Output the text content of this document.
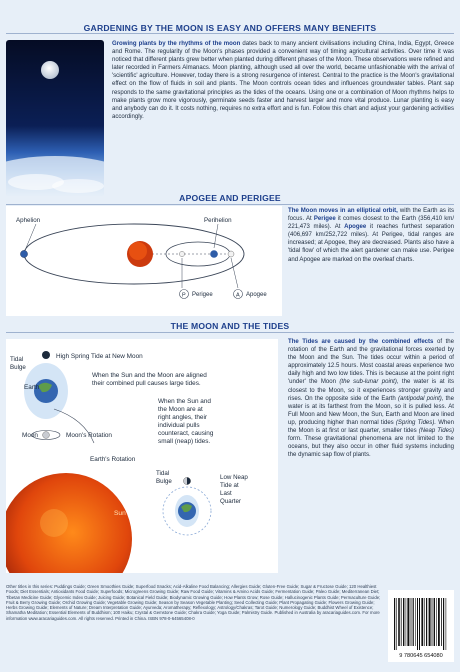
GARDENING BY THE MOON IS EASY AND OFFERS MANY BENEFITS
Growing plants by the rhythms of the moon dates back to many ancient civilisations including China, India, Egypt, Greece and Rome. The regularity of the Moon's phases provided a convenient way of timing agricultural activities. Over time it was noticed that different plants grew better when planted during different phases of the Moon. These observations were refined and later recorded in Farmers Almanacs. Moon planting, although used all over the world, became unfashionable with the arrival of 'scientific' agriculture. However, today there is a strong resurgence of interest. Central to the practice is the Moon's gravitational effect on the flow of fluids in soil and plants. The Moon controls ocean tides and influences groundwater tables. Plant sap responds to the same gravitational principles as the tides of the oceans. Using one or a combination of Moon rhythms helps to make plants grow more vigorously, germinate seeds faster and harvest larger and more vital produce. Lunar planting is easy and anybody can do it. It costs nothing, requires no extra effort and is fun. Follow this chart and adjust your gardening activities accordingly.
APOGEE AND PERIGEE
Aphelion	Perihelion
P Perigee	A Apogee
The Moon moves in an elliptical orbit, with the Earth as its focus. At Perigee it comes closest to the Earth (356,410 km/ 221,473 miles). At Apogee it reaches furthest separation (406,697 km/252,722 miles). At Perigee, tidal ranges are increased; at Apogee, they are decreased. Plants also have a 'tidal flow' of which the alert gardener can make use. Perigee and Apogee are marked on the overleaf charts.
THE MOON AND THE TIDES
Tidal
Bulge
High Spring Tide at New Moon
Earth
Moon	Moon's Rotation
Earth's Rotation
When the Sun and the Moon are aligned
their combined pull causes large tides.
When the Sun and
the Moon are at
right angles, their
individual pulls
counteract, causing
small (neap) tides.
Tidal
Bulge
Low Neap
Tide at
Last
Quarter
Sun
The Tides are caused by the combined effects of the rotation of the Earth and the gravitational forces exerted by the Moon and the Sun. The tides occur within a period of approximately 12.5 hours. Most coastal areas experience two daily high and two low tides. This is because at the point right 'under' the Moon (the sub-lunar point), the water is at its closest to the Moon, so it experiences stronger gravity and rises. On the opposite side of the Earth (antipodal point), the water is at its farthest from the Moon, so it is pulled less. At Full Moon and New Moon, the Sun, Earth and Moon are lined up, producing higher than normal tides (Spring Tides). When the Moon is at first or last quarter, smaller tides (Neap Tides) form. These gravitational phenomena are not limited to the oceans, but they also occur in other fluid systems including the dynamic sap flow of plants.
Other titles in this series: Puddings Guide; Green Smoothies Guide; Superfood Snacks; Acid-Alkaline Food Balancing; Allergies Guide; Gluten-Free Guide; Sugar & Fructose Guide; 120 Healthiest Foods; Diet Essentials; Antioxidants Food Guide; Superfoods; Microgreens Growing Guide; Raw Food Guide; Vitamins & Amino Acids Guide; Fermentation Guide; Paleo Guide; Mediterranean Diet; Tibetan Medicine Guide; Glycemic Index Guide; Juicing Guide; Botanical Field Guide; Biodynamic Growing Guide; How Plants Grow; Rose Guide; Hallucinogenic Plants Guide; Permaculture Guide; Fruit & Berry Growing Guide; Orchid Growing Guide; Vegetable Growing Guide; Season by Season Vegetable Planting; Seed Collecting Guide; Plant Propagating Guide; Flowers Growing Guide; Herbs Growing Guide; Elements of Nature; Dream Interpretation Guide; Ayurveda; Aromatherapy; Reflexology; Astrology/Chakras; Tarot Guide; Numerology Guide; Buddhist Wheel of Existence; Shamatha Meditation; Essential Elements of Buddhism; 100 Haiku; Crystal & Gemstone Guide; Chakra Guide; Yoga Guide; Palmistry Guide. Published in Australia by aracariaguides.com. For more information www.aracariaguides.com. All rights reserved. Printed in China. ISBN 978-0-64565408-0
9 780645 654080
